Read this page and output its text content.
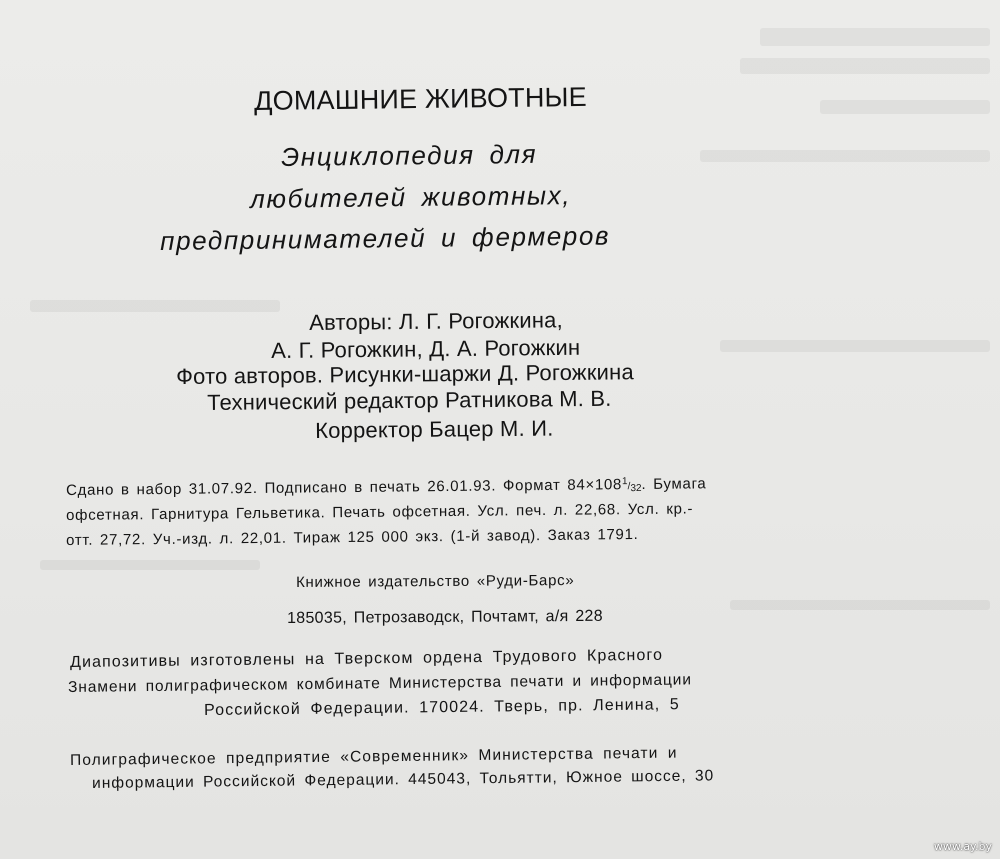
ДОМАШНИЕ ЖИВОТНЫЕ
Энциклопедия для
любителей животных,
предпринимателей и фермеров
Авторы: Л. Г. Рогожкина,
А. Г. Рогожкин, Д. А. Рогожкин
Фото авторов. Рисунки-шаржи Д. Рогожкина
Технический редактор Ратникова М. В.
Корректор Бацер М. И.
Сдано в набор 31.07.92. Подписано в печать 26.01.93. Формат $84\times 108^1/_{32}$. Бумага
офсетная. Гарнитура Гельветика. Печать офсетная. Усл. печ. л. 22,68. Усл. кр.-
отт. 27,72. Уч.-изд. л. 22,01. Тираж 125 000 экз. (1-й завод). Заказ 1791.
Книжное издательство «Руди-Барс»
185035, Петрозаводск, Почтамт, а/я 228
Диапозитивы изготовлены на Тверском ордена Трудового Красного
Знамени полиграфическом комбинате Министерства печати и информации
Российской Федерации. 170024. Тверь, пр. Ленина, 5
Полиграфическое предприятие «Современник» Министерства печати и
информации Российской Федерации. 445043, Тольятти, Южное шоссе, 30
www.ay.by
